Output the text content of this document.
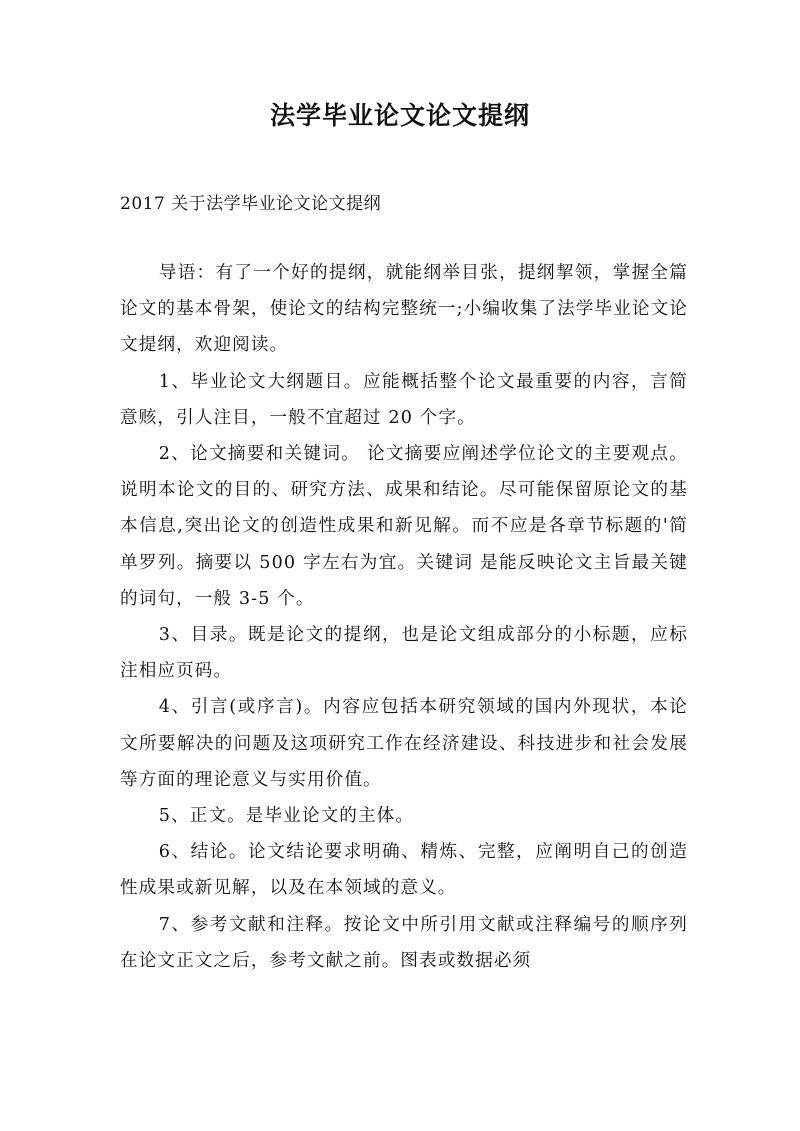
法学毕业论文论文提纲
2017 关于法学毕业论文论文提纲

导语：有了一个好的提纲，就能纲举目张，提纲挈领，掌握全篇论文的基本骨架，使论文的结构完整统一;小编收集了法学毕业论文论文提纲，欢迎阅读。

1、毕业论文大纲题目。应能概括整个论文最重要的内容，言简意赅，引人注目，一般不宜超过 20 个字。

2、论文摘要和关键词。 论文摘要应阐述学位论文的主要观点。说明本论文的目的、研究方法、成果和结论。尽可能保留原论文的基本信息,突出论文的创造性成果和新见解。而不应是各章节标题的'简单罗列。摘要以 500 字左右为宜。关键词 是能反映论文主旨最关键的词句，一般 3-5 个。

3、目录。既是论文的提纲，也是论文组成部分的小标题，应标注相应页码。

4、引言(或序言)。内容应包括本研究领域的国内外现状，本论文所要解决的问题及这项研究工作在经济建设、科技进步和社会发展等方面的理论意义与实用价值。

5、正文。是毕业论文的主体。

6、结论。论文结论要求明确、精炼、完整，应阐明自己的创造性成果或新见解，以及在本领域的意义。

7、参考文献和注释。按论文中所引用文献或注释编号的顺序列在论文正文之后，参考文献之前。图表或数据必须
